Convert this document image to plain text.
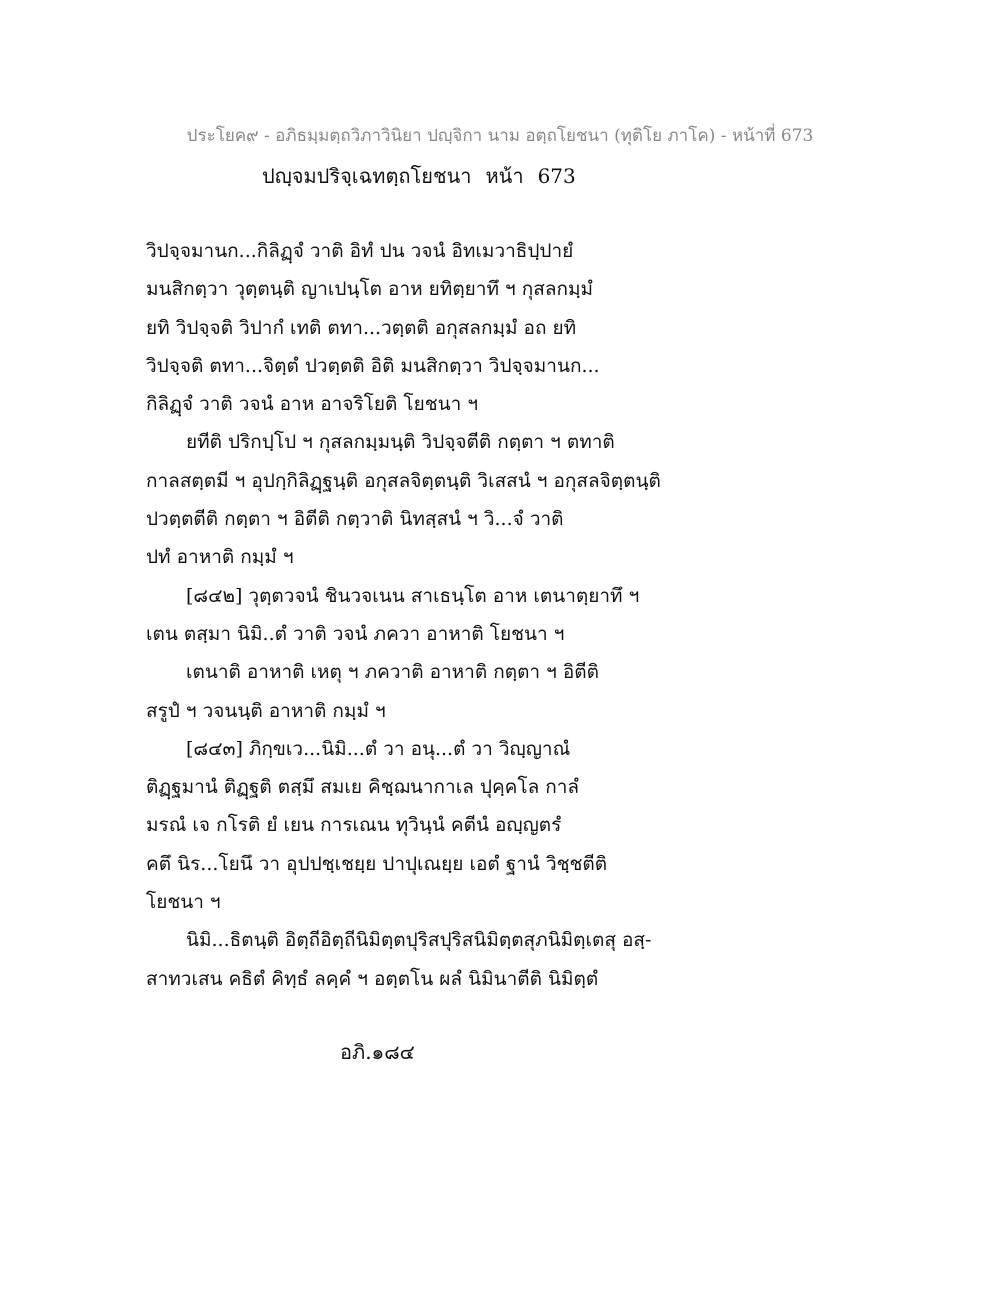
ประโยค๙ - อภิธมฺมตฺถวิภาวินิยา ปญฺจิกา นาม อตฺถโยชนา (ทุติโย ภาโค) - หน้าที่ 673
ปญฺจมปริจฺเฉทตฺถโยชนา หน้า 673
วิปจฺจมานก...กิลิฏฺจํ วาติ อิทํ ปน วจนํ อิทเมวาธิปฺปายํ
มนสิกตฺวา วุตฺตนฺติ ญาเปนฺโต อาห ยทิตฺยาทึ ฯ กุสลกมฺมํ
ยทิ วิปจฺจติ วิปากํ เทติ ตทา...วตฺตติ อกุสลกมฺมํ อถ ยทิ
วิปจฺจติ ตทา...จิตฺตํ ปวตฺตติ อิติ มนสิกตฺวา วิปจฺจมานก...
กิลิฏฺจํ วาติ วจนํ อาห อาจริโยติ โยชนา ฯ
ยทีติ ปริกปฺโป ฯ กุสลกมฺมนฺติ วิปจฺจตีติ กตฺตา ฯ ตทาติ
กาลสตฺตมี ฯ อุปกฺกิลิฏฺฐนฺติ อกุสลจิตฺตนฺติ วิเสสนํ ฯ อกุสลจิตฺตนฺติ
ปวตฺตตีติ กตฺตา ฯ อิตีติ กตฺวาติ นิทสฺสนํ ฯ วิ...จํ วาติ
ปทํ อาหาติ กมฺมํ ฯ
[๘๔๒] วุตฺตวจนํ ชินวจเนน สาเธนฺโต อาห เตนาตฺยาทึ ฯ
เตน ตสฺมา นิมิ..ตํ วาติ วจนํ ภควา อาหาติ โยชนา ฯ
เตนาติ อาหาติ เหตุ ฯ ภควาติ อาหาติ กตฺตา ฯ อิตีติ
สรูปํ ฯ วจนนฺติ อาหาติ กมฺมํ ฯ
[๘๔๓] ภิกฺขเว...นิมิ...ตํ วา อนุ...ตํ วา วิญฺญาณํ
ติฏฺฐมานํ ติฏฺฐติ ตสฺมึ สมเย คิชฺฌนากาเล ปุคฺคโล กาลํ
มรณํ เจ กโรติ ยํ เยน การเณน ทุวินฺนํ คตีนํ อญฺญตรํ
คตึ นิร...โยนึ วา อุปปชฺเชยฺย ปาปุเณยฺย เอตํ ฐานํ วิชฺชตีติ
โยชนา ฯ
นิมิ...ธิตนฺติ อิตฺถีอิตฺถีนิมิตฺตปุริสปุริสนิมิตฺตสุภนิมิตฺเตสุ อสฺ-
สาทวเสน คธิตํ คิทฺธํ ลคฺคํ ฯ อตฺตโน ผลํ นิมินาตีติ นิมิตฺตํ
อภิ.๑๘๔
